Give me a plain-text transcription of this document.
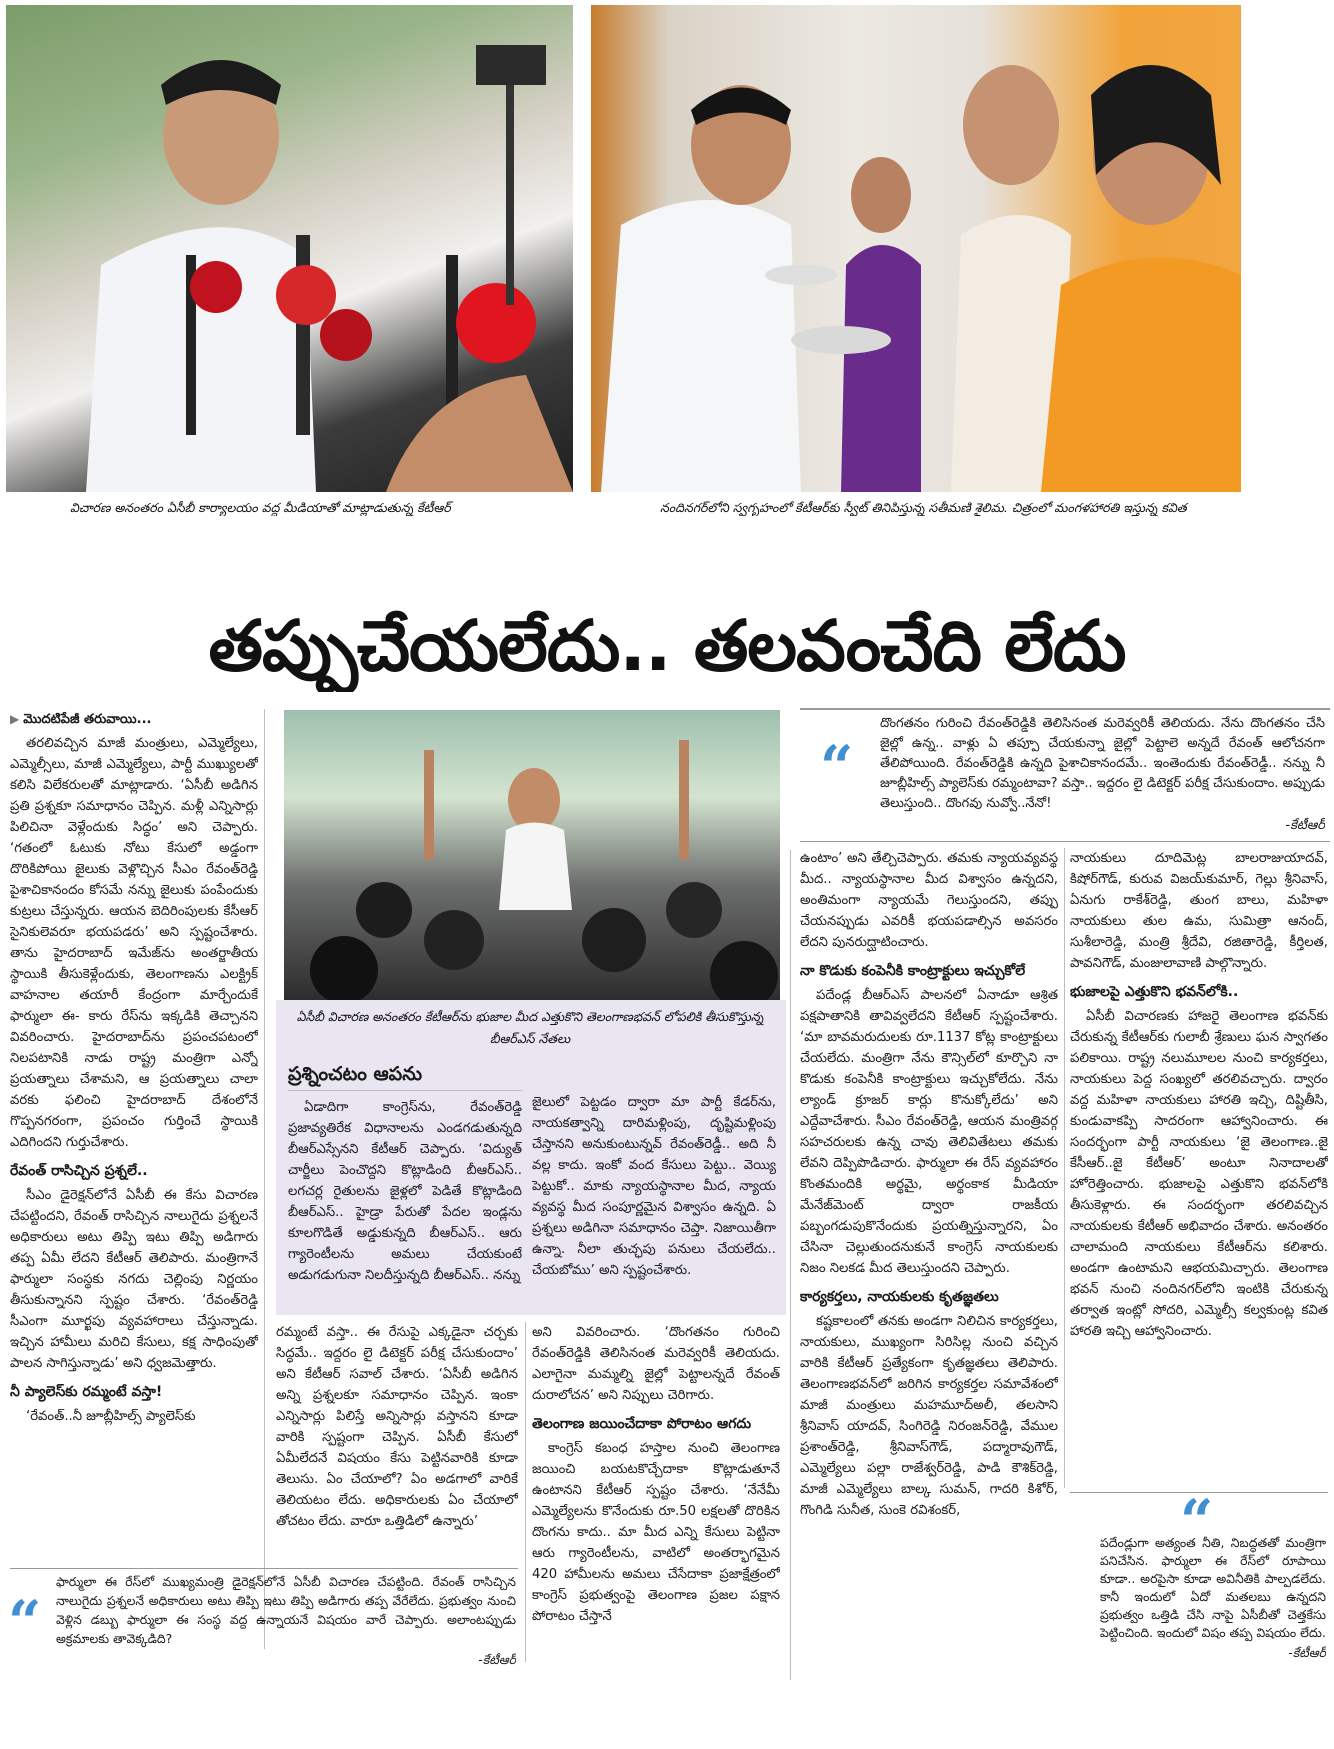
విచారణ అనంతరం ఏసీబీ కార్యాలయం వద్ద మీడియాతో మాట్లాడుతున్న కేటీఆర్	నందినగర్‌లోని స్వగృహంలో కేటీఆర్‌కు స్వీట్‌ తినిపిస్తున్న సతీమణి శైలిమ. చిత్రంలో మంగళహారతి ఇస్తున్న కవిత
తప్పుచేయలేదు.. తలవంచేది లేదు
▶ మొదటిపేజీ తరువాయి...

తరలివచ్చిన మాజీ మంత్రులు, ఎమ్మెల్యేలు, ఎమ్మెల్సీలు, మాజీ ఎమ్మెల్యేలు, పార్టీ ముఖ్యులతో కలిసి విలేకరులతో మాట్లాడారు. ‘ఏసీబీ అడిగిన ప్రతి ప్రశ్నకూ సమాధానం చెప్పిన. మళ్లీ ఎన్నిసార్లు పిలిచినా వెళ్లేందుకు సిద్ధం’ అని చెప్పారు. ‘గతంలో ఓటుకు నోటు కేసులో అడ్డంగా దొరికిపోయి జైలుకు వెళ్లొచ్చిన సీఎం రేవంత్‌రెడ్డి పైశాచికానందం కోసమే నన్ను జైలుకు పంపేందుకు కుట్రలు చేస్తున్నరు. ఆయన బెదిరింపులకు కేసీఆర్‌ సైనికులెవరూ భయపడరు’ అని స్పష్టంచేశారు. తాను హైదరాబాద్‌ ఇమేజ్‌ను అంతర్జాతీయ స్థాయికి తీసుకెళ్లేందుకు, తెలంగాణను ఎలక్ట్రిక్‌ వాహనాల తయారీ కేంద్రంగా మార్చేందుకే ఫార్ములా ఈ- కారు రేస్‌ను ఇక్కడికి తెచ్చానని వివరించారు. హైదరాబాద్‌ను ప్రపంచపటంలో నిలపటానికి నాడు రాష్ట్ర మంత్రిగా ఎన్నో ప్రయత్నాలు చేశామని, ఆ ప్రయత్నాలు చాలా వరకు ఫలించి హైదరాబాద్‌ దేశంలోనే గొప్పనగరంగా, ప్రపంచం గుర్తించే స్థాయికి ఎదిగిందని గుర్తుచేశారు.

రేవంత్‌ రాసిచ్చిన ప్రశ్నలే..

సీఎం డైరెక్షన్‌లోనే ఏసీబీ ఈ కేసు విచారణ చేపట్టిందని, రేవంత్‌ రాసిచ్చిన నాలుగైదు ప్రశ్నలనే అధికారులు అటు తిప్పి ఇటు తిప్పి అడిగారు తప్ప ఏమీ లేదని కేటీఆర్‌ తెలిపారు. మంత్రిగానే ఫార్ములా సంస్థకు నగదు చెల్లింపు నిర్ణయం తీసుకున్నానని స్పష్టం చేశారు. ‘రేవంత్‌రెడ్డి సీఎంగా మూర్ఖపు వ్యవహారాలు చేస్తున్నాడు. ఇచ్చిన హామీలు మరిచి కేసులు, కక్ష సాధింపుతో పాలన సాగిస్తున్నాడు’ అని ధ్వజమెత్తారు.

నీ ప్యాలెస్‌కు రమ్మంటే వస్తా!

‘రేవంత్‌..నీ జూబ్లీహిల్స్‌ ప్యాలెస్‌కు

ఏసీబీ విచారణ అనంతరం కేటీఆర్‌ను భుజాల మీద ఎత్తుకొని తెలంగాణభవన్‌ లోపలికి తీసుకొస్తున్న బీఆర్‌ఎస్‌ నేతలు
ప్రశ్నించటం ఆపను

ఏడాదిగా కాంగ్రెస్‌ను, రేవంత్‌రెడ్డి ప్రజావ్యతిరేక విధానాలను ఎండగడుతున్నది బీఆర్‌ఎస్సేనని కేటీఆర్‌ చెప్పారు. ‘విద్యుత్‌ చార్జీలు పెంచొద్దని కొట్లాడింది బీఆర్‌ఎస్‌.. లగచర్ల రైతులను జైళ్లలో పెడితే కొట్లాడింది బీఆర్‌ఎస్‌.. హైడ్రా పేరుతో పేదల ఇండ్లను కూలగొడితే అడ్డుకున్నది బీఆర్‌ఎస్‌.. ఆరు గ్యారెంటీలను అమలు చేయకుంటే అడుగడుగునా నిలదీస్తున్నది బీఆర్‌ఎస్‌.. నన్ను

జైలులో పెట్టడం ద్వారా మా పార్టీ కేడర్‌ను, నాయకత్వాన్ని దారిమళ్లింపు, దృష్టిమళ్లింపు చేస్తానని అనుకుంటున్నవ్‌ రేవంత్‌రెడ్డీ.. అది నీ వల్ల కాదు. ఇంకో వంద కేసులు పెట్టు.. వెయ్యి పెట్టుకో.. మాకు న్యాయస్థానాల మీద, న్యాయ వ్యవస్థ మీద సంపూర్ణమైన విశ్వాసం ఉన్నది. ఏ ప్రశ్నలు అడిగినా సమాధానం చెప్తా. నిజాయితీగా ఉన్నా. నీలా తుచ్ఛపు పనులు చేయలేదు.. చేయబోము’ అని స్పష్టంచేశారు.

రమ్మంటే వస్తా.. ఈ రేసుపై ఎక్కడైనా చర్చకు సిద్ధమే.. ఇద్దరం లై డిటెక్టర్‌ పరీక్ష చేసుకుందాం’ అని కేటీఆర్‌ సవాల్‌ చేశారు. ‘ఏసీబీ అడిగిన అన్ని ప్రశ్నలకూ సమాధానం చెప్పిన. ఇంకా ఎన్నిసార్లు పిలిస్తే అన్నిసార్లు వస్తానని కూడా వారికి స్పష్టంగా చెప్పిన. ఏసీబీ కేసులో ఏమీలేదనే విషయం కేసు పెట్టినవారికి కూడా తెలుసు. ఏం చేయాలో? ఏం అడగాలో వారికే తెలియటం లేదు. అధికారులకు ఏం చేయాలో తోచటం లేదు. వారూ ఒత్తిడిలో ఉన్నారు’

అని వివరించారు. ‘దొంగతనం గురించి రేవంత్‌రెడ్డికి తెలిసినంత మరెవ్వరికీ తెలియదు. ఎలాగైనా మమ్మల్ని జైల్లో పెట్టాలన్నదే రేవంత్‌ దురాలోచన’ అని నిప్పులు చెరిగారు.

తెలంగాణ జయించేదాకా పోరాటం ఆగదు

కాంగ్రెస్‌ కబంధ హస్తాల నుంచి తెలంగాణ జయించి బయటకొచ్చేదాకా కొట్లాడుతూనే ఉంటానని కేటీఆర్‌ స్పష్టం చేశారు. ‘నేనేమీ ఎమ్మెల్యేలను కొనేందుకు రూ.50 లక్షలతో దొరికిన దొంగను కాదు.. మా మీద ఎన్ని కేసులు పెట్టినా ఆరు గ్యారెంటీలను, వాటిలో అంతర్భాగమైన 420 హామీలను అమలు చేసేదాకా ప్రజాక్షేత్రంలో కాంగ్రెస్‌ ప్రభుత్వంపై తెలంగాణ ప్రజల పక్షాన పోరాటం చేస్తానే

“
దొంగతనం గురించి రేవంత్‌రెడ్డికి తెలిసినంత మరెవ్వరికీ తెలియదు. నేను దొంగతనం చేసి జైల్లో ఉన్న.. వాళ్లు ఏ తప్పూ చేయకున్నా జైల్లో పెట్టాలె అన్నదే రేవంత్‌ ఆలోచనగా తేలిపోయింది. రేవంత్‌రెడ్డికి ఉన్నది పైశాచికానందమే.. ఇంతెందుకు రేవంత్‌రెడ్డీ.. నన్ను నీ జూబ్లీహిల్స్‌ ప్యాలెస్‌కు రమ్మంటావా? వస్తా.. ఇద్దరం లై డిటెక్టర్‌ పరీక్ష చేసుకుందాం. అప్పుడు తెలుస్తుంది.. దొంగవు నువ్వో..నేనో!
-కేటీఆర్‌

ఉంటాం’ అని తేల్చిచెప్పారు. తమకు న్యాయవ్యవస్థ మీద.. న్యాయస్థానాల మీద విశ్వాసం ఉన్నదని, అంతిమంగా న్యాయమే గెలుస్తుందని, తప్పు చేయనప్పుడు ఎవరికీ భయపడాల్సిన అవసరం లేదని పునరుద్ఘాటించారు.

నా కొడుకు కంపెనీకి కాంట్రాక్టులు ఇచ్చుకోలే

పదేండ్ల బీఆర్‌ఎస్‌ పాలనలో ఏనాడూ ఆశ్రిత పక్షపాతానికి తావివ్వలేదని కేటీఆర్‌ స్పష్టంచేశారు. ‘మా బావమరుదులకు రూ.1137 కోట్ల కాంట్రాక్టులు చేయలేదు. మంత్రిగా నేను కౌన్సిల్‌లో కూర్చొని నా కొడుకు కంపెనీకి కాంట్రాక్టులు ఇచ్చుకోలేదు. నేను ల్యాండ్‌ క్రూజర్‌ కార్లు కొనుక్కోలేదు’ అని ఎద్దేవాచేశారు. సీఎం రేవంత్‌రెడ్డి, ఆయన మంత్రివర్గ సహచరులకు ఉన్న చావు తెలివితేటలు తమకు లేవని దెప్పిపొడిచారు. ఫార్ములా ఈ రేస్‌ వ్యవహారం కొంతమందికి అర్థమై, అర్థంకాక మీడియా మేనేజ్‌మెంట్‌ ద్వారా రాజకీయ పబ్బంగడుపుకొనేందుకు ప్రయత్నిస్తున్నారని, ఏం చేసినా చెల్లుతుందనుకునే కాంగ్రెస్‌ నాయకులకు నిజం నిలకడ మీద తెలుస్తుందని చెప్పారు.

కార్యకర్తలు, నాయకులకు కృతజ్ఞతలు

కష్టకాలంలో తనకు అండగా నిలిచిన కార్యకర్తలు, నాయకులు, ముఖ్యంగా సిరిసిల్ల నుంచి వచ్చిన వారికి కేటీఆర్‌ ప్రత్యేకంగా కృతజ్ఞతలు తెలిపారు. తెలంగాణభవన్‌లో జరిగిన కార్యకర్తల సమావేశంలో మాజీ మంత్రులు మహమూద్‌అలీ, తలసాని శ్రీనివాస్‌ యాదవ్‌, సింగిరెడ్డి నిరంజన్‌రెడ్డి, వేముల ప్రశాంత్‌రెడ్డి, శ్రీనివాస్‌గౌడ్‌, పద్మారావుగౌడ్‌, ఎమ్మెల్యేలు పల్లా రాజేశ్వర్‌రెడ్డి, పాడి కౌశిక్‌రెడ్డి, మాజీ ఎమ్మెల్యేలు బాల్క సుమన్‌, గాదరి కిశోర్‌, గొంగిడి సునీత, సుంకె రవిశంకర్‌,

నాయకులు దూదిమెట్ల బాలరాజుయాదవ్‌, కిషోర్‌గౌడ్‌, కురువ విజయ్‌కుమార్‌, గెల్లు శ్రీనివాస్‌, ఏనుగు రాకేశ్‌రెడ్డి, తుంగ బాలు, మహిళా నాయకులు తుల ఉమ, సుమిత్రా ఆనంద్‌, సుశీలారెడ్డి, మంత్రి శ్రీదేవి, రజితారెడ్డి, కీర్తిలత, పావనిగౌడ్‌, మంజులావాణి పాల్గొన్నారు.

భుజాలపై ఎత్తుకొని భవన్‌లోకి..

ఏసీబీ విచారణకు హాజరై తెలంగాణ భవన్‌కు చేరుకున్న కేటీఆర్‌కు గులాబీ శ్రేణులు ఘన స్వాగతం పలికాయి. రాష్ట్ర నలుమూలల నుంచి కార్యకర్తలు, నాయకులు పెద్ద సంఖ్యలో తరలివచ్చారు. ద్వారం వద్ద మహిళా నాయకులు హారతి ఇచ్చి, దిష్టితీసి, కుండువాకప్పి సాదరంగా ఆహ్వానించారు. ఈ సందర్భంగా పార్టీ నాయకులు ‘జై తెలంగాణ..జై కేసీఆర్‌..జై కేటీఆర్‌’ అంటూ నినాదాలతో హోరెత్తించారు. భుజాలపై ఎత్తుకొని భవన్‌లోకి తీసుకెళ్లారు. ఈ సందర్భంగా తరలివచ్చిన నాయకులకు కేటీఆర్‌ అభివాదం చేశారు. అనంతరం చాలామంది నాయకులు కేటీఆర్‌ను కలిశారు. అండగా ఉంటామని ఆభయమిచ్చారు. తెలంగాణ భవన్‌ నుంచి నందినగర్‌లోని ఇంటికి చేరుకున్న తర్వాత ఇంట్లో సోదరి, ఎమ్మెల్సీ కల్వకుంట్ల కవిత హారతి ఇచ్చి ఆహ్వానించారు.

“
పదేండ్లుగా అత్యంత నీతి, నిబద్ధతతో మంత్రిగా పనిచేసిన. ఫార్ములా ఈ రేస్‌లో రూపాయి కూడా.. అరపైసా కూడా అవినీతికి పాల్పడలేదు. కానీ ఇందులో ఏదో మతలబు ఉన్నదని ప్రభుత్వం ఒత్తిడి చేసి నాపై ఏసీబీతో చెత్తకేసు పెట్టించింది. ఇందులో విషం తప్ప విషయం లేదు.
-కేటీఆర్‌
“
ఫార్ములా ఈ రేస్‌లో ముఖ్యమంత్రి డైరెక్షన్‌లోనే ఏసీబీ విచారణ చేపట్టింది. రేవంత్‌ రాసిచ్చిన నాలుగైదు ప్రశ్నలనే అధికారులు అటు తిప్పి ఇటు తిప్పి అడిగారు తప్ప వేరేలేదు. ప్రభుత్వం నుంచి వెళ్లిన డబ్బు ఫార్ములా ఈ సంస్థ వద్ద ఉన్నాయనే విషయం వారే చెప్పారు. అలాంటప్పుడు అక్రమాలకు తావెక్కడిది?
-కేటీఆర్‌
